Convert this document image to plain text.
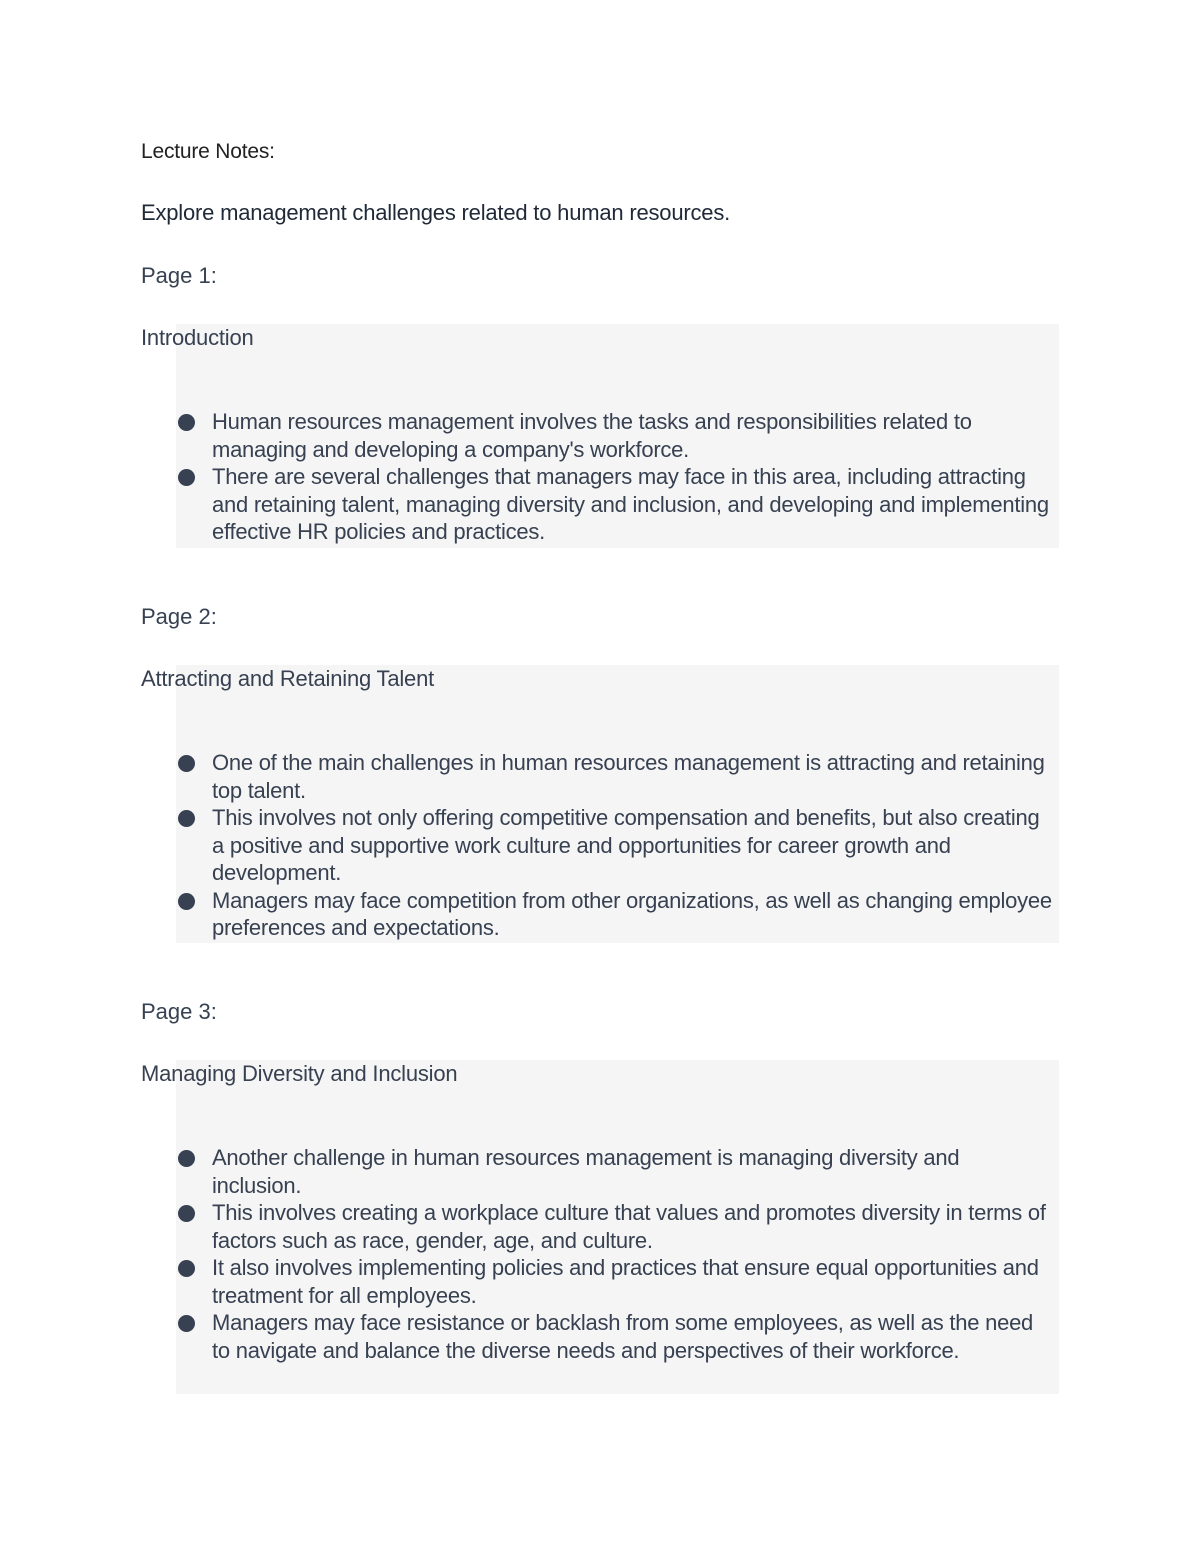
Lecture Notes:
Explore management challenges related to human resources.
Page 1:
Human resources management involves the tasks and responsibilities related to managing and developing a company's workforce.
There are several challenges that managers may face in this area, including attracting and retaining talent, managing diversity and inclusion, and developing and implementing effective HR policies and practices.
Introduction
Page 2:
One of the main challenges in human resources management is attracting and retaining top talent.
This involves not only offering competitive compensation and benefits, but also creating a positive and supportive work culture and opportunities for career growth and development.
Managers may face competition from other organizations, as well as changing employee preferences and expectations.
Attracting and Retaining Talent
Page 3:
Another challenge in human resources management is managing diversity and inclusion.
This involves creating a workplace culture that values and promotes diversity in terms of factors such as race, gender, age, and culture.
It also involves implementing policies and practices that ensure equal opportunities and treatment for all employees.
Managers may face resistance or backlash from some employees, as well as the need to navigate and balance the diverse needs and perspectives of their workforce.
Managing Diversity and Inclusion
